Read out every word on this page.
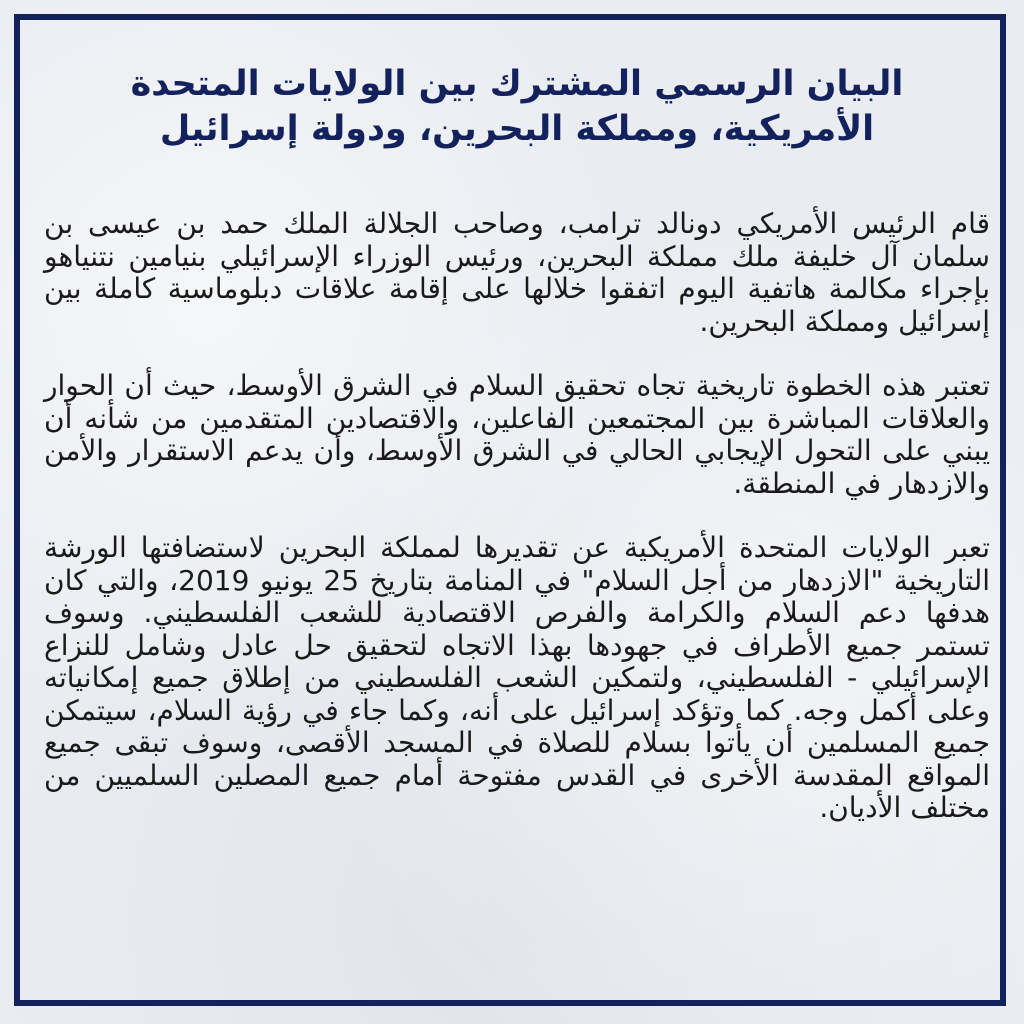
البيان الرسمي المشترك بين الولايات المتحدة الأمريكية، ومملكة البحرين، ودولة إسرائيل

قام الرئيس الأمريكي دونالد ترامب، وصاحب الجلالة الملك حمد بن عيسى بن سلمان آل خليفة ملك مملكة البحرين، ورئيس الوزراء الإسرائيلي بنيامين نتنياهو بإجراء مكالمة هاتفية اليوم اتفقوا خلالها على إقامة علاقات دبلوماسية كاملة بين إسرائيل ومملكة البحرين.

تعتبر هذه الخطوة تاريخية تجاه تحقيق السلام في الشرق الأوسط، حيث أن الحوار والعلاقات المباشرة بين المجتمعين الفاعلين، والاقتصادين المتقدمين من شأنه أن يبني على التحول الإيجابي الحالي في الشرق الأوسط، وأن يدعم الاستقرار والأمن والازدهار في المنطقة.

تعبر الولايات المتحدة الأمريكية عن تقديرها لمملكة البحرين لاستضافتها الورشة التاريخية "الازدهار من أجل السلام" في المنامة بتاريخ 25 يونيو 2019، والتي كان هدفها دعم السلام والكرامة والفرص الاقتصادية للشعب الفلسطيني. وسوف تستمر جميع الأطراف في جهودها بهذا الاتجاه لتحقيق حل عادل وشامل للنزاع الإسرائيلي - الفلسطيني، ولتمكين الشعب الفلسطيني من إطلاق جميع إمكانياته وعلى أكمل وجه. كما وتؤكد إسرائيل على أنه، وكما جاء في رؤية السلام، سيتمكن جميع المسلمين أن يأتوا بسلام للصلاة في المسجد الأقصى، وسوف تبقى جميع المواقع المقدسة الأخرى في القدس مفتوحة أمام جميع المصلين السلميين من مختلف الأديان.
